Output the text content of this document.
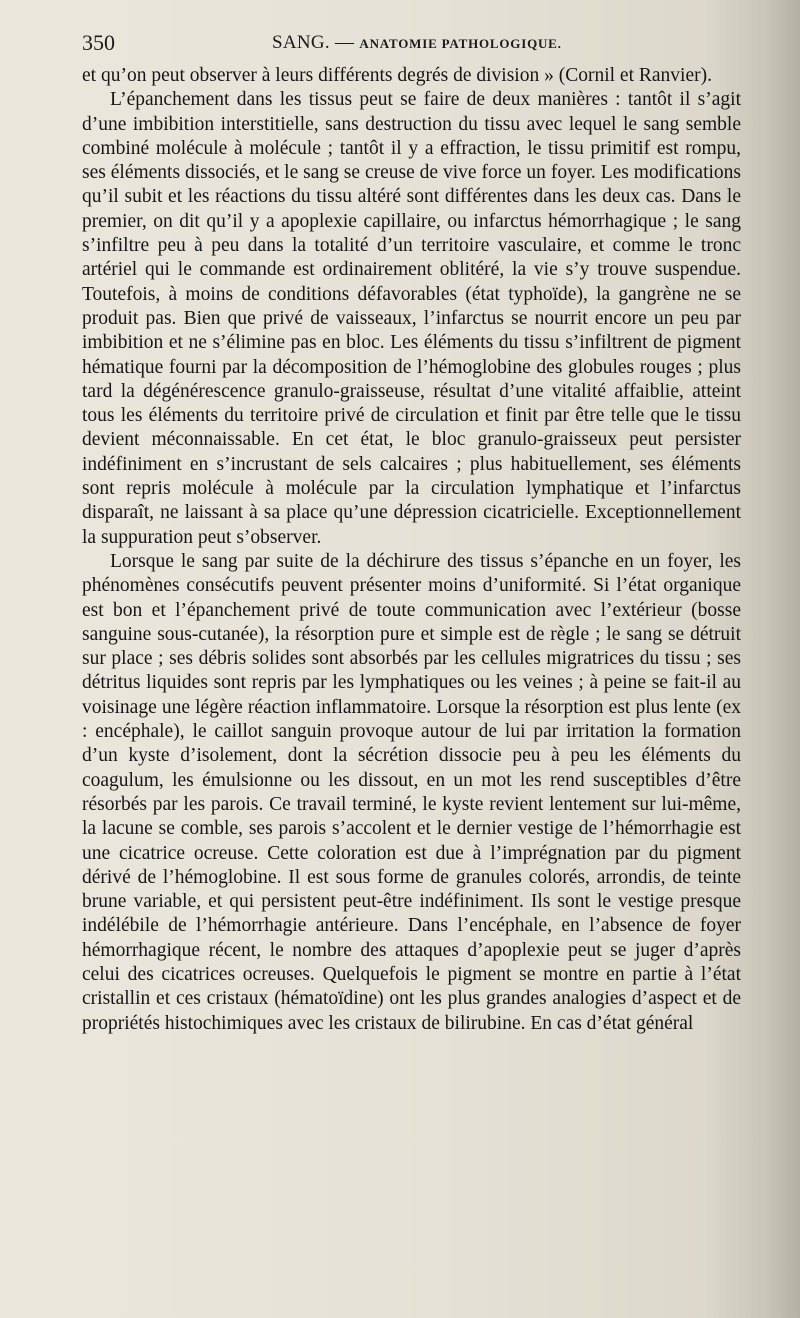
350	SANG. — ANATOMIE PATHOLOGIQUE.

et qu’on peut observer à leurs différents degrés de division » (Cornil et Ranvier).

L’épanchement dans les tissus peut se faire de deux manières : tantôt il s’agit d’une imbibition interstitielle, sans destruction du tissu avec lequel le sang semble combiné molécule à molécule ; tantôt il y a effraction, le tissu primitif est rompu, ses éléments dissociés, et le sang se creuse de vive force un foyer. Les modifications qu’il subit et les réactions du tissu altéré sont différentes dans les deux cas. Dans le premier, on dit qu’il y a apoplexie capillaire, ou infarctus hémorrhagique ; le sang s’infiltre peu à peu dans la totalité d’un territoire vasculaire, et comme le tronc artériel qui le commande est ordinairement oblitéré, la vie s’y trouve suspendue. Toutefois, à moins de conditions défavorables (état typhoïde), la gangrène ne se produit pas. Bien que privé de vaisseaux, l’infarctus se nourrit encore un peu par imbibition et ne s’élimine pas en bloc. Les éléments du tissu s’infiltrent de pigment hématique fourni par la décomposition de l’hémoglobine des globules rouges ; plus tard la dégénérescence granulo-graisseuse, résultat d’une vitalité affaiblie, atteint tous les éléments du territoire privé de circulation et finit par être telle que le tissu devient méconnaissable. En cet état, le bloc granulo-graisseux peut persister indéfiniment en s’incrustant de sels calcaires ; plus habituellement, ses éléments sont repris molécule à molécule par la circulation lymphatique et l’infarctus disparaît, ne laissant à sa place qu’une dépression cicatricielle. Exceptionnellement la suppuration peut s’observer.

Lorsque le sang par suite de la déchirure des tissus s’épanche en un foyer, les phénomènes consécutifs peuvent présenter moins d’uniformité. Si l’état organique est bon et l’épanchement privé de toute communication avec l’extérieur (bosse sanguine sous-cutanée), la résorption pure et simple est de règle ; le sang se détruit sur place ; ses débris solides sont absorbés par les cellules migratrices du tissu ; ses détritus liquides sont repris par les lymphatiques ou les veines ; à peine se fait-il au voisinage une légère réaction inflammatoire. Lorsque la résorption est plus lente (ex : encéphale), le caillot sanguin provoque autour de lui par irritation la formation d’un kyste d’isolement, dont la sécrétion dissocie peu à peu les éléments du coagulum, les émulsionne ou les dissout, en un mot les rend susceptibles d’être résorbés par les parois. Ce travail terminé, le kyste revient lentement sur lui-même, la lacune se comble, ses parois s’accolent et le dernier vestige de l’hémorrhagie est une cicatrice ocreuse. Cette coloration est due à l’imprégnation par du pigment dérivé de l’hémoglobine. Il est sous forme de granules colorés, arrondis, de teinte brune variable, et qui persistent peut-être indéfiniment. Ils sont le vestige presque indélébile de l’hémorrhagie antérieure. Dans l’encéphale, en l’absence de foyer hémorrhagique récent, le nombre des attaques d’apoplexie peut se juger d’après celui des cicatrices ocreuses. Quelquefois le pigment se montre en partie à l’état cristallin et ces cristaux (hématoïdine) ont les plus grandes analogies d’aspect et de propriétés histochimiques avec les cristaux de bilirubine. En cas d’état général
